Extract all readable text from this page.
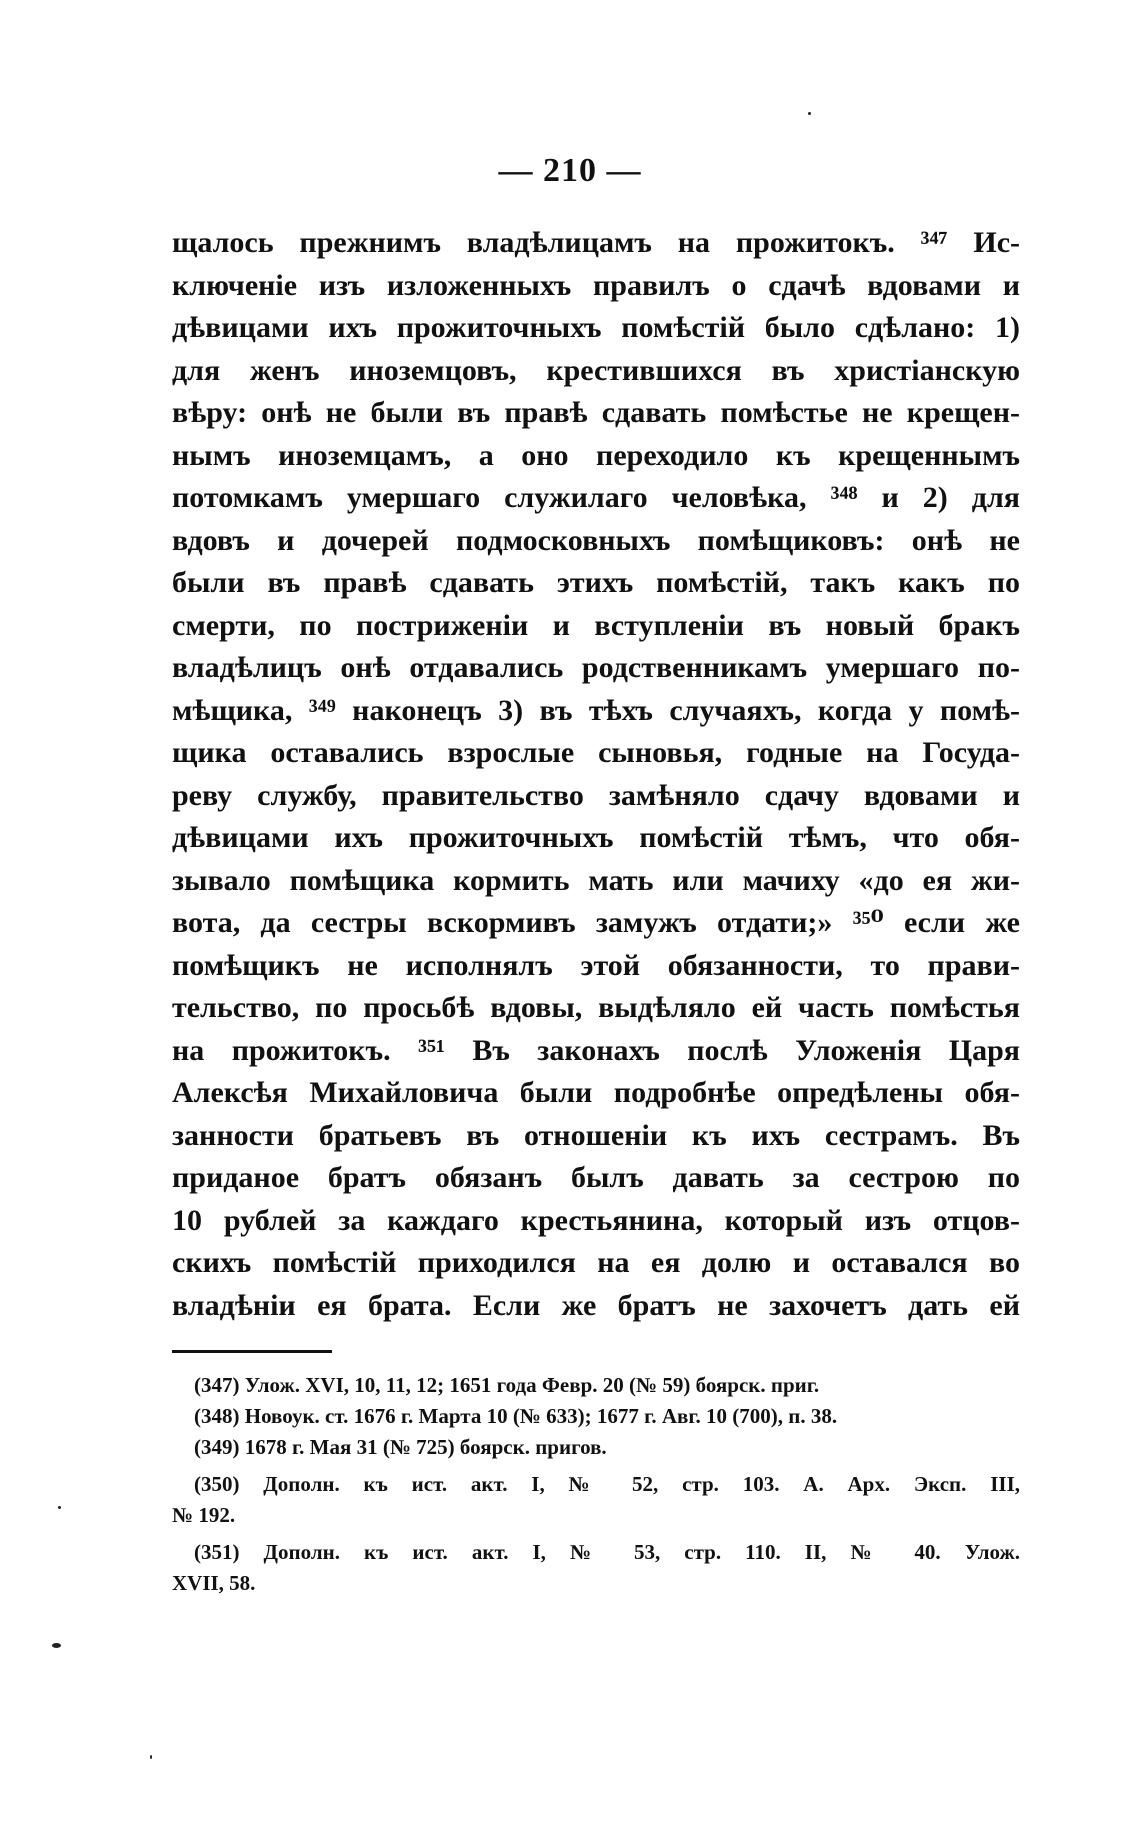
— 210 —
щалось прежнимъ владѣлицамъ на прожитокъ. ³⁴⁷ Ис-
ключенiе изъ изложенныхъ правилъ о сдачѣ вдовами и
дѣвицами ихъ прожиточныхъ помѣстiй было сдѣлано: 1)
для женъ иноземцовъ, крестившихся въ христiанскую
вѣру: онѣ не были въ правѣ сдавать помѣстье не крещен-
нымъ иноземцамъ, а оно переходило къ крещеннымъ
потомкамъ умершаго служилаго человѣка, ³⁴⁸ и 2) для
вдовъ и дочерей подмосковныхъ помѣщиковъ: онѣ не
были въ правѣ сдавать этихъ помѣстiй, такъ какъ по
смерти, по постриженiи и вступленiи въ новый бракъ
владѣлицъ онѣ отдавались родственникамъ умершаго по-
мѣщика, ³⁴⁹ наконецъ 3) въ тѣхъ случаяхъ, когда у помѣ-
щика оставались взрослые сыновья, годные на Госуда-
реву службу, правительство замѣняло сдачу вдовами и
дѣвицами ихъ прожиточныхъ помѣстiй тѣмъ, что обя-
зывало помѣщика кормить мать или мачиху «до ея жи-
вота, да сестры вскормивъ замужъ отдати;» ³⁵⁰ если же
помѣщикъ не исполнялъ этой обязанности, то прави-
тельство, по просьбѣ вдовы, выдѣляло ей часть помѣстья
на прожитокъ. ³⁵¹ Въ законахъ послѣ Уложенiя Царя
Алексѣя Михайловича были подробнѣе опредѣлены обя-
занности братьевъ въ отношенiи къ ихъ сестрамъ. Въ
приданое братъ обязанъ былъ давать за сестрою по
10 рублей за каждаго крестьянина, который изъ отцов-
скихъ помѣстiй приходился на ея долю и оставался во
владѣнiи ея брата. Если же братъ не захочетъ дать ей
(347) Улож. XVI, 10, 11, 12; 1651 года Февр. 20 (№ 59) боярск. приг.
(348) Новоук. ст. 1676 г. Марта 10 (№ 633); 1677 г. Авг. 10 (700), п. 38.
(349) 1678 г. Мая 31 (№ 725) боярск. пригов.
(350) Дополн. къ ист. акт. I, № 52, стр. 103. А. Арх. Эксп. III,
№ 192.
(351) Дополн. къ ист. акт. I, № 53, стр. 110. II, № 40. Улож.
XVII, 58.
